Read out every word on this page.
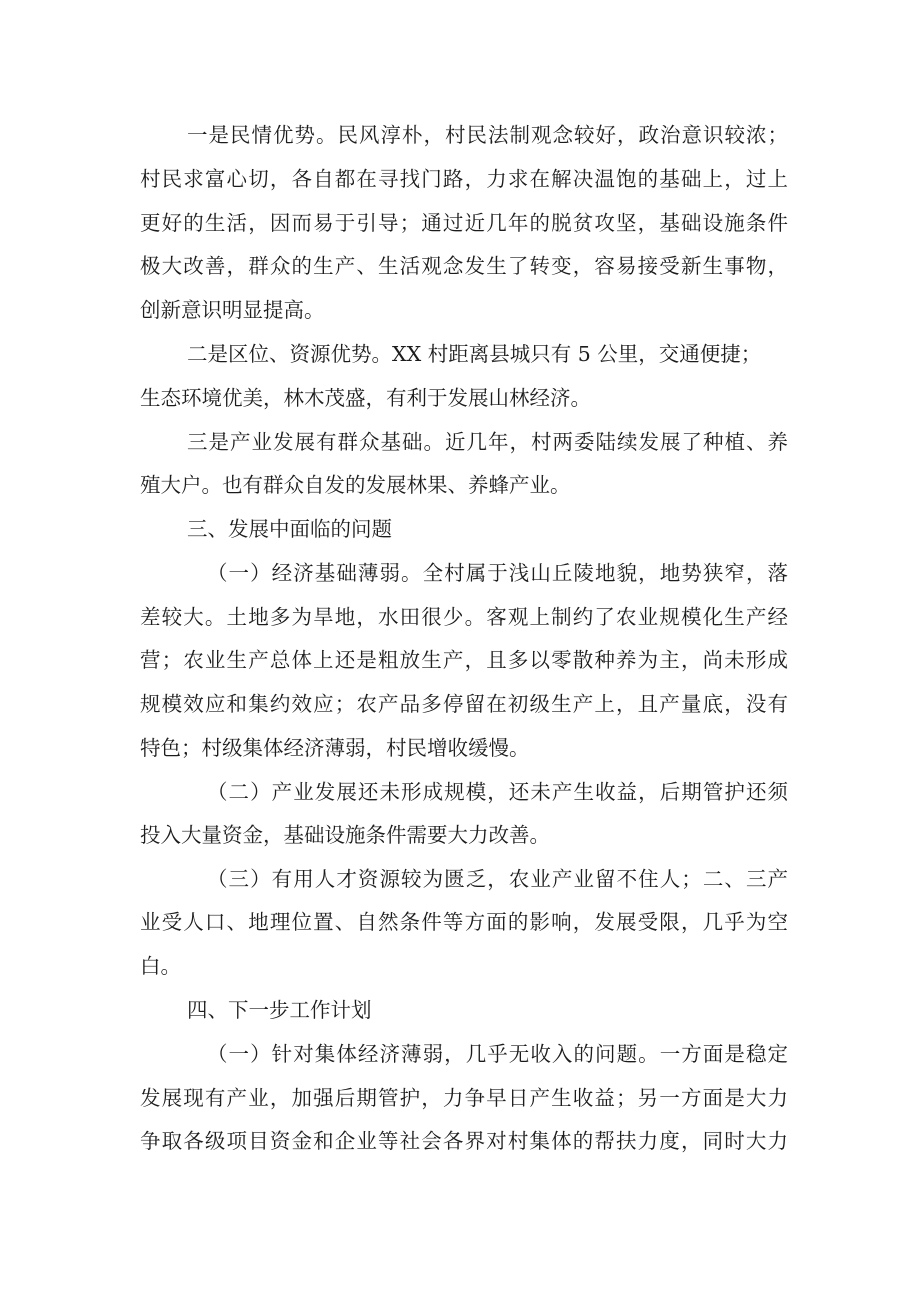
一是民情优势。民风淳朴，村民法制观念较好，政治意识较浓；
村民求富心切，各自都在寻找门路，力求在解决温饱的基础上，过上
更好的生活，因而易于引导；通过近几年的脱贫攻坚，基础设施条件
极大改善，群众的生产、生活观念发生了转变，容易接受新生事物，
创新意识明显提高。
二是区位、资源优势。XX 村距离县城只有 5 公里，交通便捷；
生态环境优美，林木茂盛，有利于发展山林经济。
三是产业发展有群众基础。近几年，村两委陆续发展了种植、养
殖大户。也有群众自发的发展林果、养蜂产业。
三、发展中面临的问题
（一）经济基础薄弱。全村属于浅山丘陵地貌，地势狭窄，落
差较大。土地多为旱地，水田很少。客观上制约了农业规模化生产经
营；农业生产总体上还是粗放生产，且多以零散种养为主，尚未形成
规模效应和集约效应；农产品多停留在初级生产上，且产量底，没有
特色；村级集体经济薄弱，村民增收缓慢。
（二）产业发展还未形成规模，还未产生收益，后期管护还须
投入大量资金，基础设施条件需要大力改善。
（三）有用人才资源较为匮乏，农业产业留不住人；二、三产
业受人口、地理位置、自然条件等方面的影响，发展受限，几乎为空
白。
四、下一步工作计划
（一）针对集体经济薄弱，几乎无收入的问题。一方面是稳定
发展现有产业，加强后期管护，力争早日产生收益；另一方面是大力
争取各级项目资金和企业等社会各界对村集体的帮扶力度，同时大力
